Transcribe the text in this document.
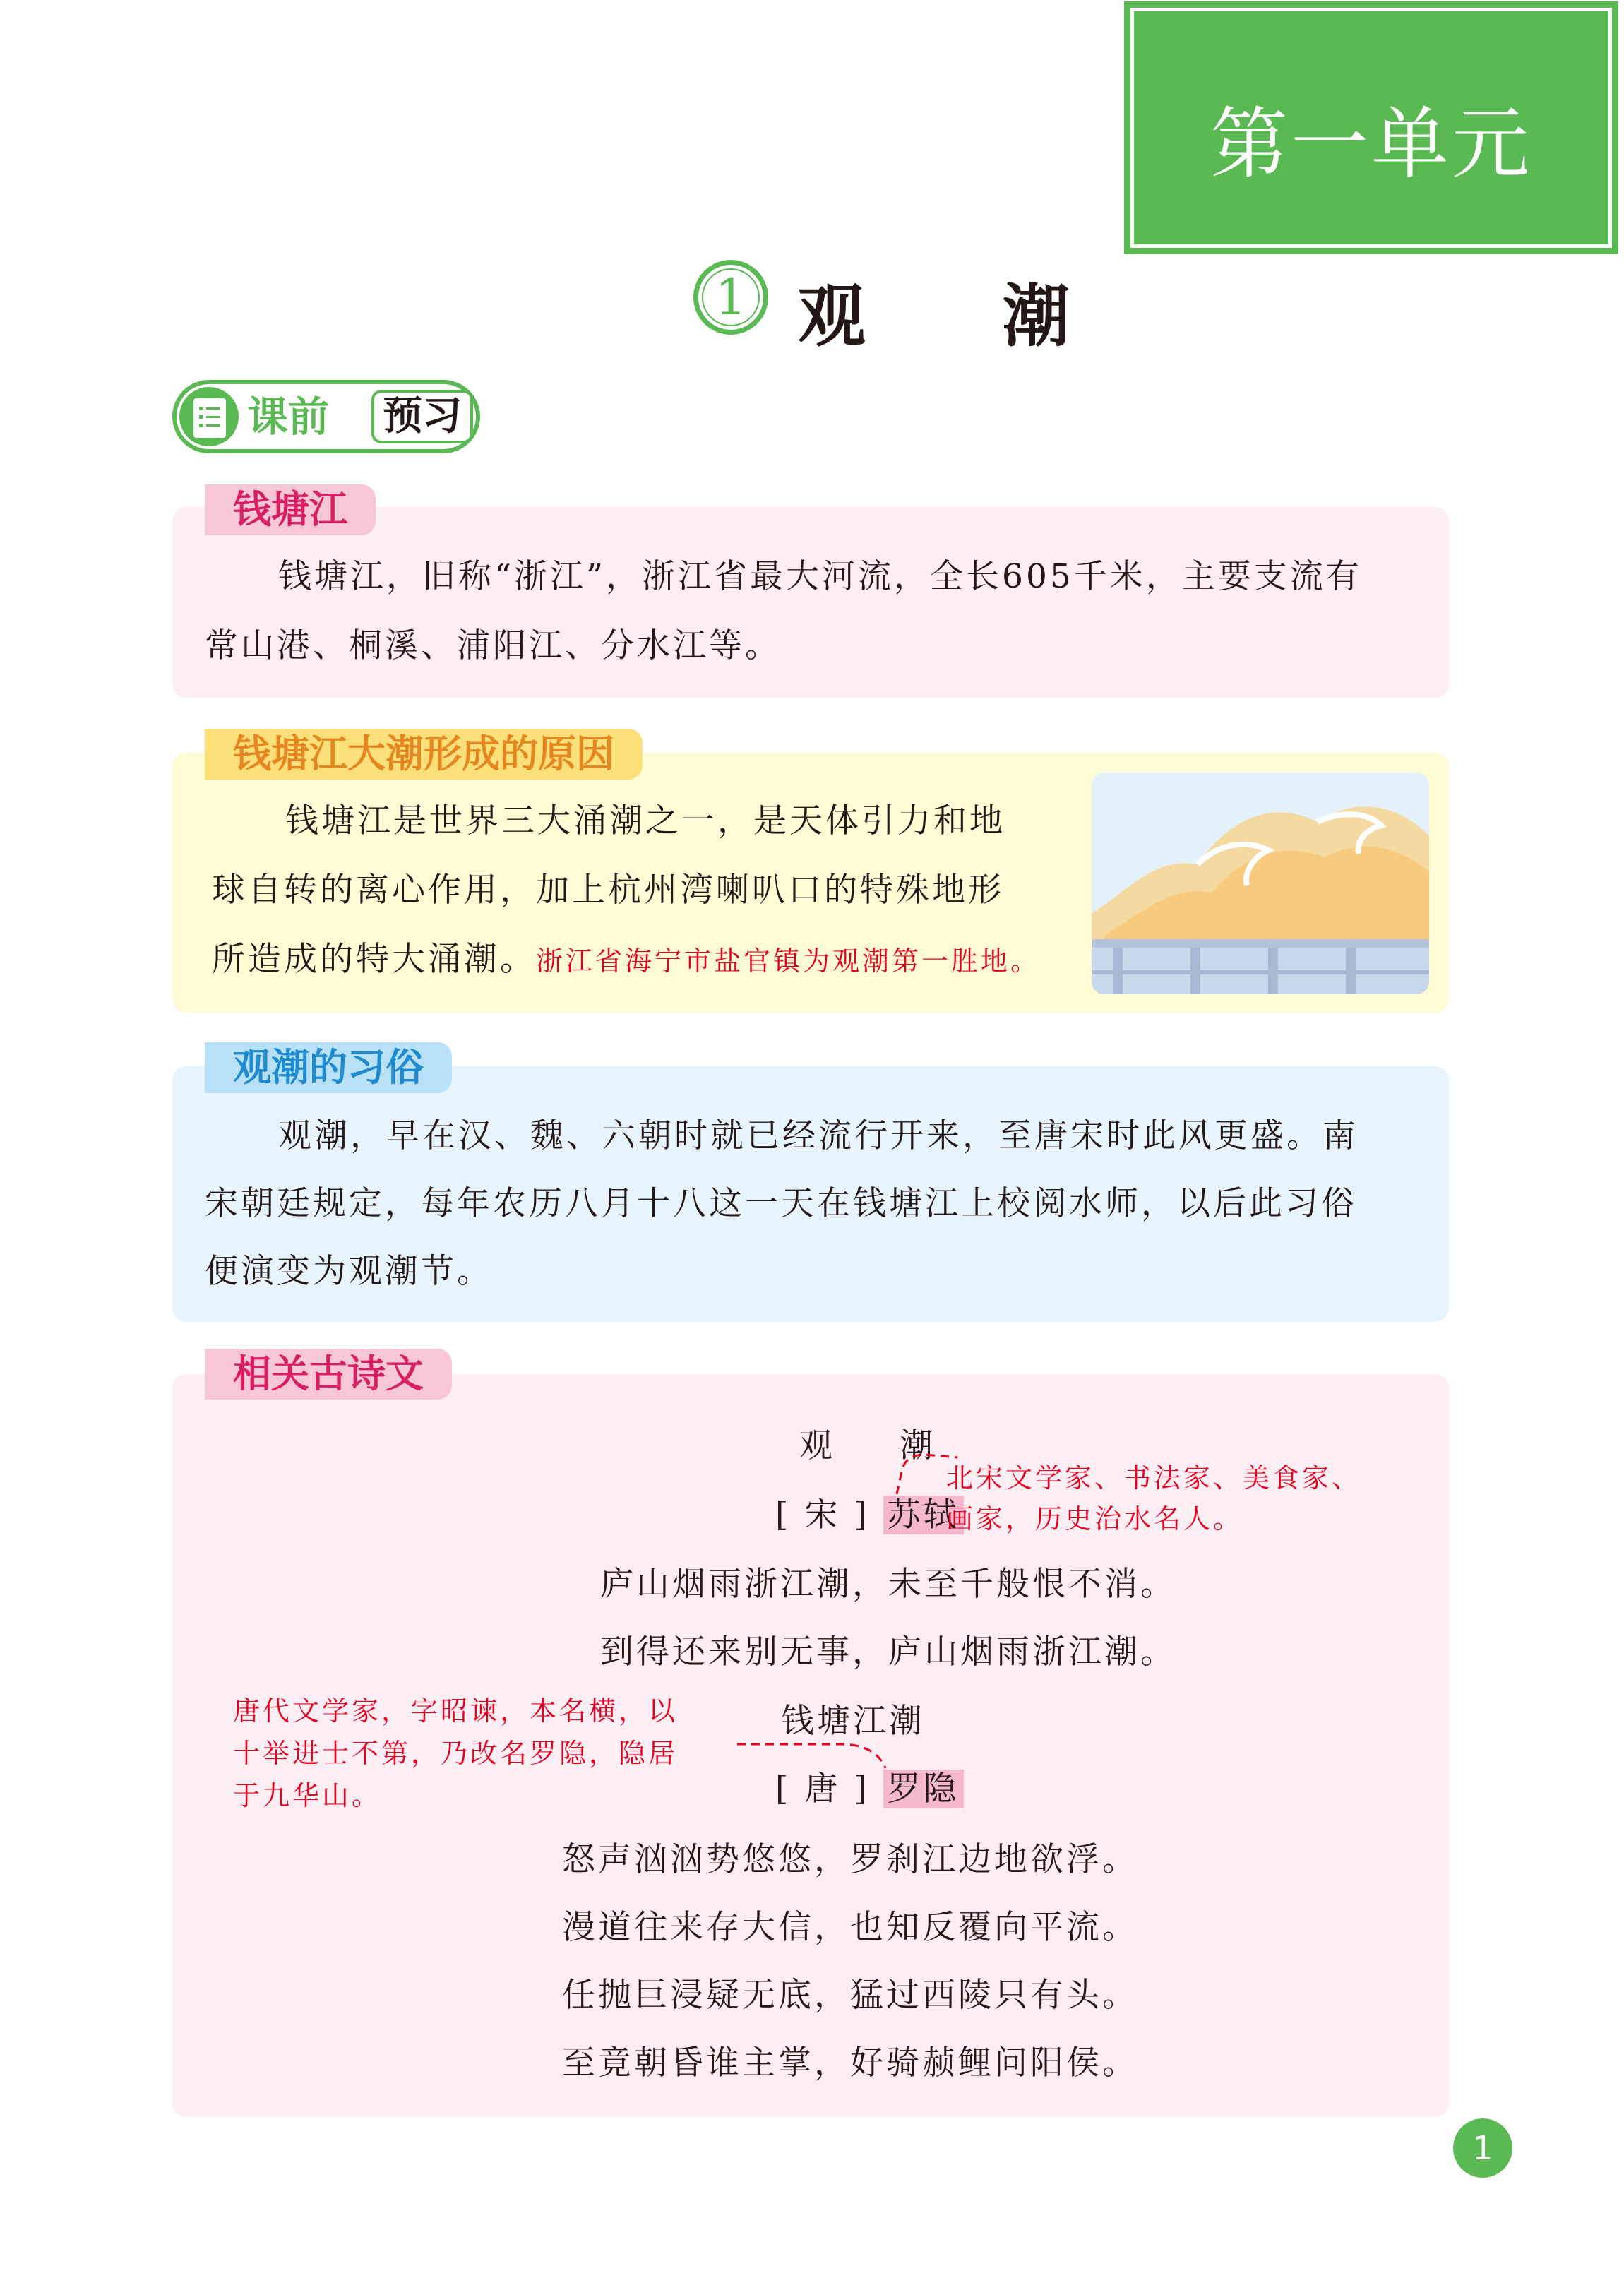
第一单元
1 观 潮
课前 预习
钱塘江
钱塘江，旧称“浙江”，浙江省最大河流，全长605千米，主要支流有
常山港、桐溪、浦阳江、分水江等。
钱塘江大潮形成的原因
钱塘江是世界三大涌潮之一，是天体引力和地
球自转的离心作用，加上杭州湾喇叭口的特殊地形
所造成的特大涌潮。浙江省海宁市盐官镇为观潮第一胜地。
观潮的习俗
观潮，早在汉、魏、六朝时就已经流行开来，至唐宋时此风更盛。南
宋朝廷规定，每年农历八月十八这一天在钱塘江上校阅水师，以后此习俗
便演变为观潮节。
相关古诗文
观 潮
[ 宋 ] 苏轼
北宋文学家、书法家、美食家、
画家，历史治水名人。
庐山烟雨浙江潮，未至千般恨不消。
到得还来别无事，庐山烟雨浙江潮。
钱塘江潮
[ 唐 ] 罗隐
唐代文学家，字昭谏，本名横，以
十举进士不第，乃改名罗隐，隐居
于九华山。
怒声汹汹势悠悠，罗刹江边地欲浮。
漫道往来存大信，也知反覆向平流。
任抛巨浸疑无底，猛过西陵只有头。
至竟朝昏谁主掌，好骑赪鲤问阳侯。
1
